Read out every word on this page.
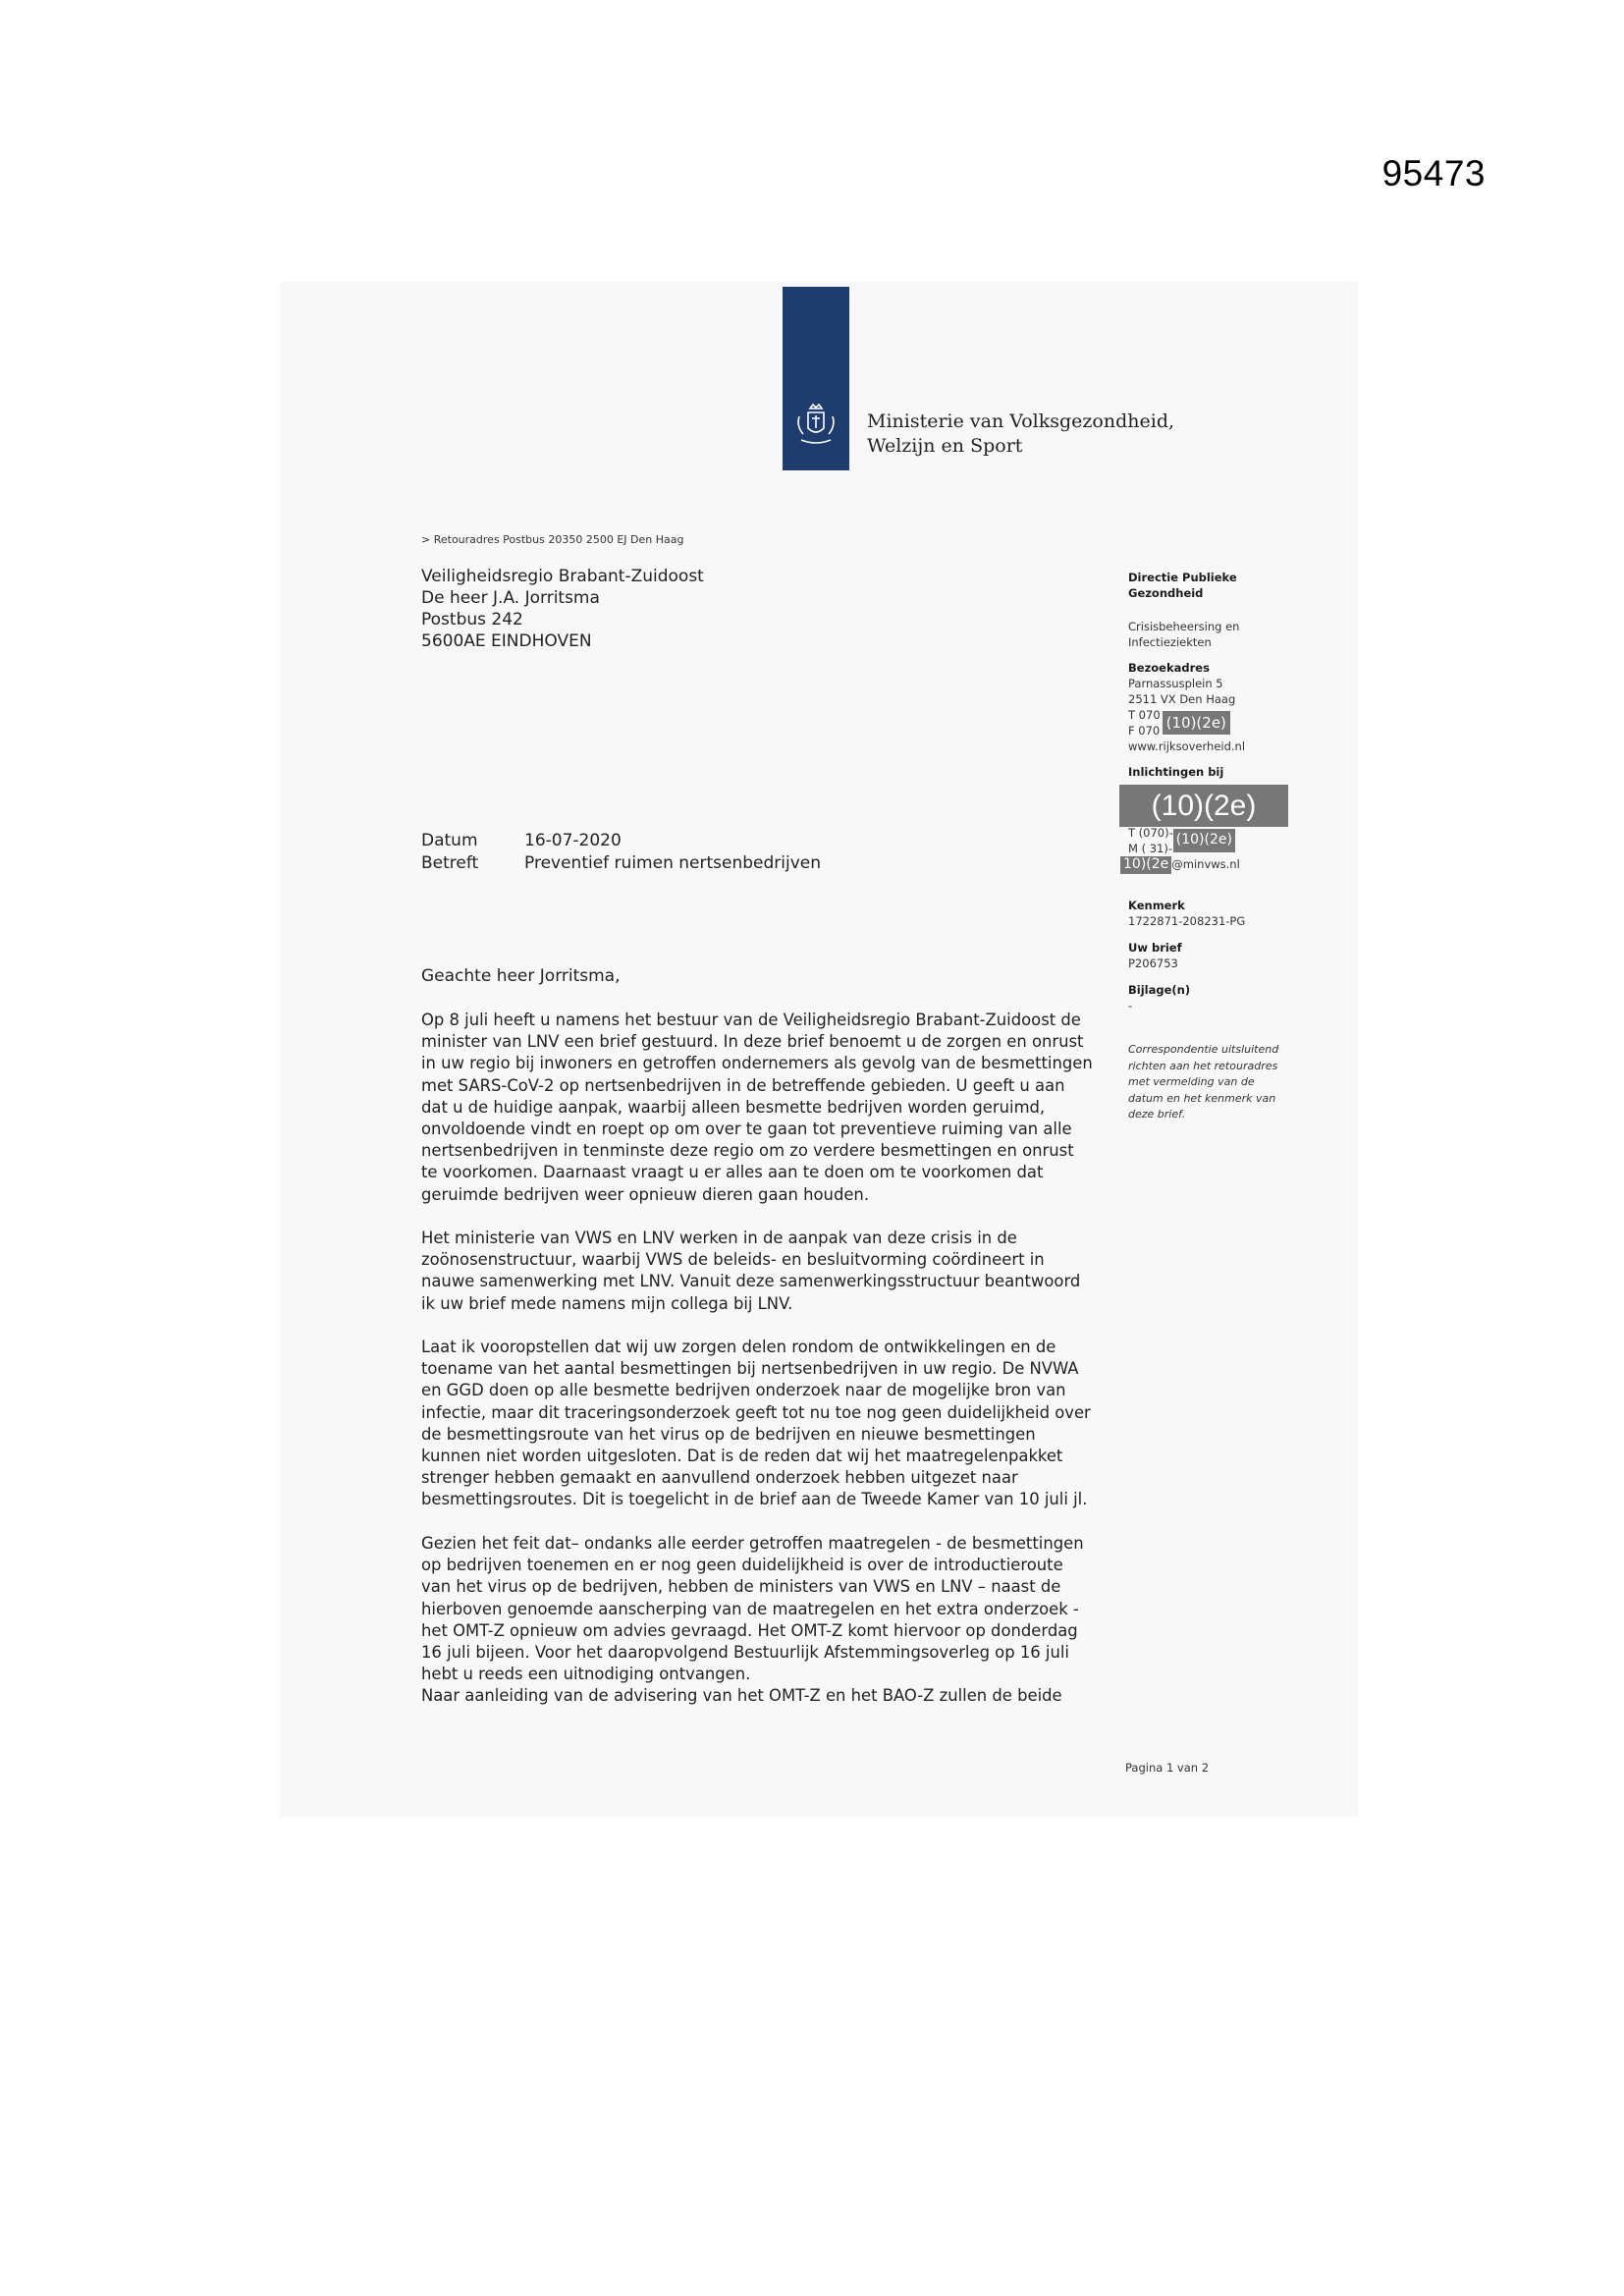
95473
Ministerie van Volksgezondheid,
Welzijn en Sport
> Retouradres Postbus 20350 2500 EJ Den Haag
Veiligheidsregio Brabant-Zuidoost
De heer J.A. Jorritsma
Postbus 242
5600AE EINDHOVEN
Directie Publieke Gezondheid
Crisisbeheersing en
Infectieziekten
Bezoekadres
Parnassusplein 5
2511 VX Den Haag
T 070
F 070 (10)(2e)
www.rijksoverheid.nl
Inlichtingen bij
(10)(2e)
T (070)-
M ( 31)-
(10)(2e)
10)(2e @minvws.nl
Kenmerk
1722871-208231-PG
Uw brief
P206753
Bijlage(n)
-
Correspondentie uitsluitend
richten aan het retouradres
met vermelding van de
datum en het kenmerk van
deze brief.
Datum	16-07-2020
Betreft	Preventief ruimen nertsenbedrijven
Geachte heer Jorritsma,
Op 8 juli heeft u namens het bestuur van de Veiligheidsregio Brabant-Zuidoost de
minister van LNV een brief gestuurd. In deze brief benoemt u de zorgen en onrust
in uw regio bij inwoners en getroffen ondernemers als gevolg van de besmettingen
met SARS-CoV-2 op nertsenbedrijven in de betreffende gebieden. U geeft u aan
dat u de huidige aanpak, waarbij alleen besmette bedrijven worden geruimd,
onvoldoende vindt en roept op om over te gaan tot preventieve ruiming van alle
nertsenbedrijven in tenminste deze regio om zo verdere besmettingen en onrust
te voorkomen. Daarnaast vraagt u er alles aan te doen om te voorkomen dat
geruimde bedrijven weer opnieuw dieren gaan houden.
Het ministerie van VWS en LNV werken in de aanpak van deze crisis in de
zoönosenstructuur, waarbij VWS de beleids- en besluitvorming coördineert in
nauwe samenwerking met LNV. Vanuit deze samenwerkingsstructuur beantwoord
ik uw brief mede namens mijn collega bij LNV.
Laat ik vooropstellen dat wij uw zorgen delen rondom de ontwikkelingen en de
toename van het aantal besmettingen bij nertsenbedrijven in uw regio. De NVWA
en GGD doen op alle besmette bedrijven onderzoek naar de mogelijke bron van
infectie, maar dit traceringsonderzoek geeft tot nu toe nog geen duidelijkheid over
de besmettingsroute van het virus op de bedrijven en nieuwe besmettingen
kunnen niet worden uitgesloten. Dat is de reden dat wij het maatregelenpakket
strenger hebben gemaakt en aanvullend onderzoek hebben uitgezet naar
besmettingsroutes. Dit is toegelicht in de brief aan de Tweede Kamer van 10 juli jl.
Gezien het feit dat– ondanks alle eerder getroffen maatregelen - de besmettingen
op bedrijven toenemen en er nog geen duidelijkheid is over de introductieroute
van het virus op de bedrijven, hebben de ministers van VWS en LNV – naast de
hierboven genoemde aanscherping van de maatregelen en het extra onderzoek -
het OMT-Z opnieuw om advies gevraagd. Het OMT-Z komt hiervoor op donderdag
16 juli bijeen. Voor het daaropvolgend Bestuurlijk Afstemmingsoverleg op 16 juli
hebt u reeds een uitnodiging ontvangen.
Naar aanleiding van de advisering van het OMT-Z en het BAO-Z zullen de beide
Pagina 1 van 2
